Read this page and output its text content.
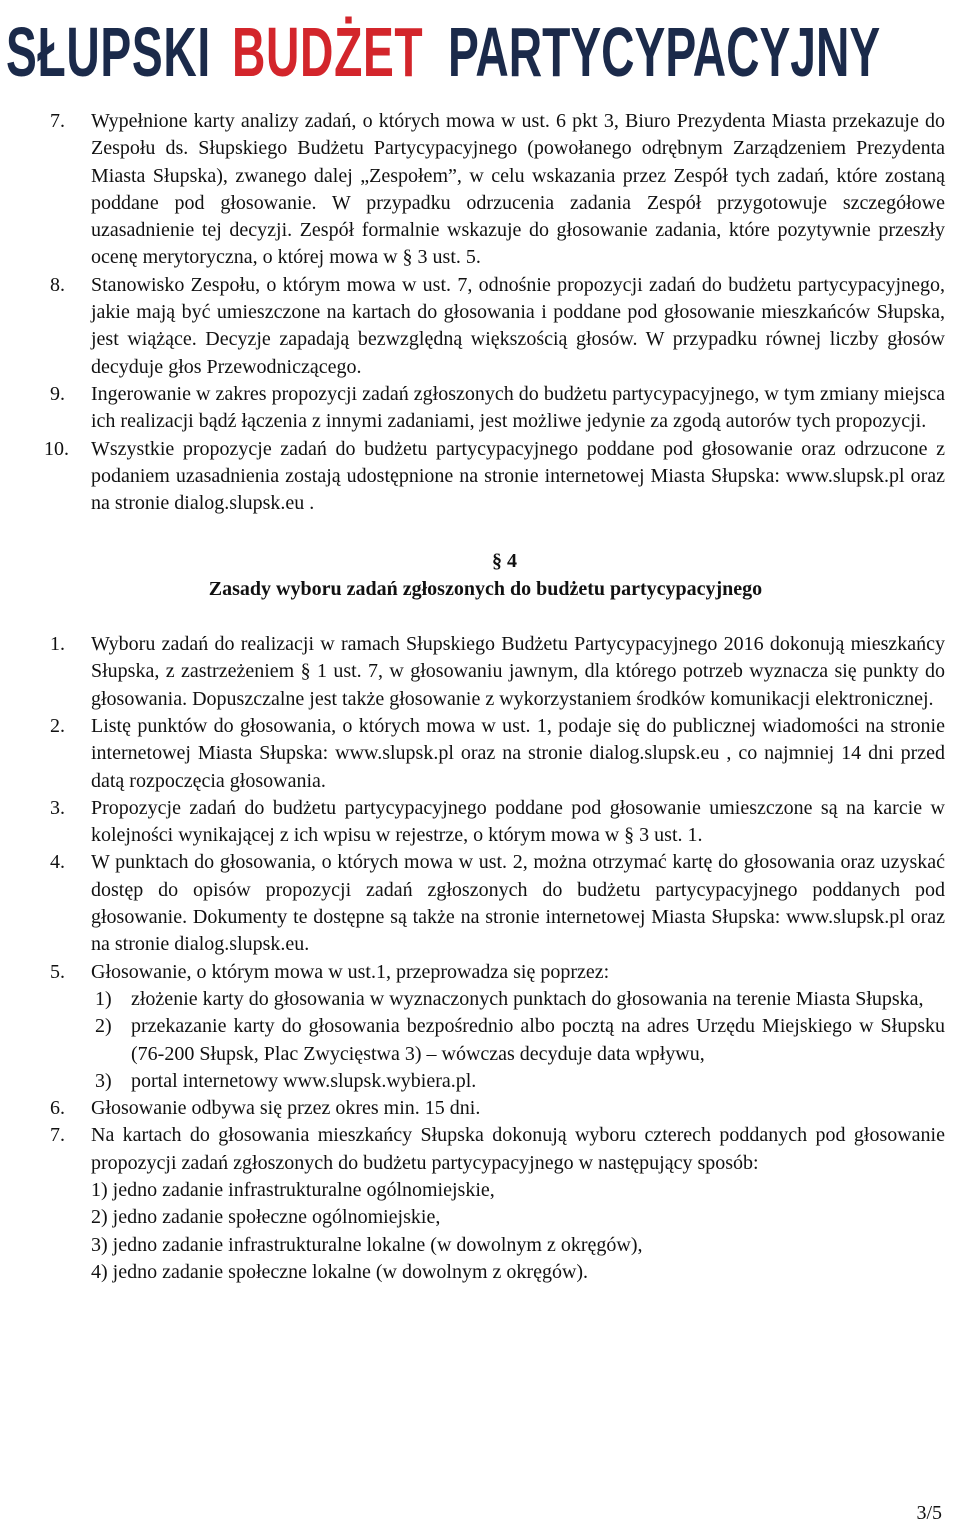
SŁUPSKI BUDŻET PARTYCYPACYJNY
7. Wypełnione karty analizy zadań, o których mowa w ust. 6 pkt 3, Biuro Prezydenta Miasta przekazuje do Zespołu ds. Słupskiego Budżetu Partycypacyjnego (powołanego odrębnym Zarządzeniem Prezydenta Miasta Słupska), zwanego dalej „Zespołem”, w celu wskazania przez Zespół tych zadań, które zostaną poddane pod głosowanie. W przypadku odrzucenia zadania Zespół przygotowuje szczegółowe uzasadnienie tej decyzji. Zespół formalnie wskazuje do głosowanie zadania, które pozytywnie przeszły ocenę merytoryczna, o której mowa w § 3 ust. 5.
8. Stanowisko Zespołu, o którym mowa w ust. 7, odnośnie propozycji zadań do budżetu partycypacyjnego, jakie mają być umieszczone na kartach do głosowania i poddane pod głosowanie mieszkańców Słupska, jest wiążące. Decyzje zapadają bezwzględną większością głosów. W przypadku równej liczby głosów decyduje głos Przewodniczącego.
9. Ingerowanie w zakres propozycji zadań zgłoszonych do budżetu partycypacyjnego, w tym zmiany miejsca ich realizacji bądź łączenia z innymi zadaniami, jest możliwe jedynie za zgodą autorów tych propozycji.
10. Wszystkie propozycje zadań do budżetu partycypacyjnego poddane pod głosowanie oraz odrzucone z podaniem uzasadnienia zostają udostępnione na stronie internetowej Miasta Słupska: www.slupsk.pl oraz na stronie dialog.slupsk.eu .
§ 4
Zasady wyboru zadań zgłoszonych do budżetu partycypacyjnego
1. Wyboru zadań do realizacji w ramach Słupskiego Budżetu Partycypacyjnego 2016 dokonują mieszkańcy Słupska, z zastrzeżeniem § 1 ust. 7, w głosowaniu jawnym, dla którego potrzeb wyznacza się punkty do głosowania. Dopuszczalne jest także głosowanie z wykorzystaniem środków komunikacji elektronicznej.
2. Listę punktów do głosowania, o których mowa w ust. 1, podaje się do publicznej wiadomości na stronie internetowej Miasta Słupska: www.slupsk.pl oraz na stronie dialog.slupsk.eu , co najmniej 14 dni przed datą rozpoczęcia głosowania.
3. Propozycje zadań do budżetu partycypacyjnego poddane pod głosowanie umieszczone są na karcie w kolejności wynikającej z ich wpisu w rejestrze, o którym mowa w § 3 ust. 1.
4. W punktach do głosowania, o których mowa w ust. 2, można otrzymać kartę do głosowania oraz uzyskać dostęp do opisów propozycji zadań zgłoszonych do budżetu partycypacyjnego poddanych pod głosowanie. Dokumenty te dostępne są także na stronie internetowej Miasta Słupska: www.slupsk.pl oraz na stronie dialog.slupsk.eu.
5. Głosowanie, o którym mowa w ust.1, przeprowadza się poprzez:
1) złożenie karty do głosowania w wyznaczonych punktach do głosowania na terenie Miasta Słupska,
2) przekazanie karty do głosowania bezpośrednio albo pocztą na adres Urzędu Miejskiego w Słupsku (76-200 Słupsk, Plac Zwycięstwa 3) – wówczas decyduje data wpływu,
3) portal internetowy www.slupsk.wybiera.pl.
6. Głosowanie odbywa się przez okres min. 15 dni.
7. Na kartach do głosowania mieszkańcy Słupska dokonują wyboru czterech poddanych pod głosowanie propozycji zadań zgłoszonych do budżetu partycypacyjnego w następujący sposób:
1) jedno zadanie infrastrukturalne ogólnomiejskie,
2) jedno zadanie społeczne ogólnomiejskie,
3) jedno zadanie infrastrukturalne lokalne (w dowolnym z okręgów),
4) jedno zadanie społeczne lokalne (w dowolnym z okręgów).
3/5
